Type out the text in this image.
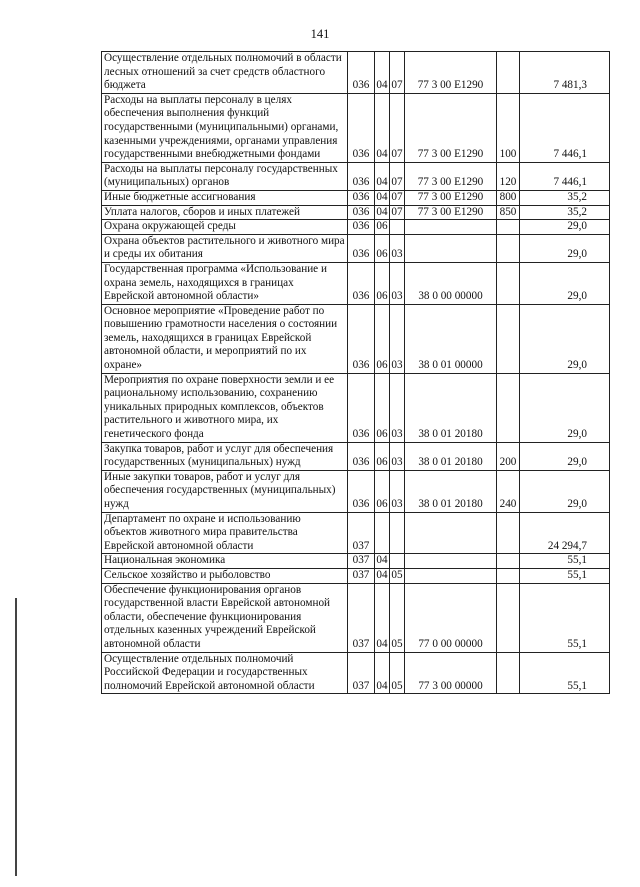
141
Осуществление отдельных полномочий в области лесных отношений за счет средств областного бюджета	036	04	07	77 3 00 E1290		7 481,3
Расходы на выплаты персоналу в целях обеспечения выполнения функций государственными (муниципальными) органами, казенными учреждениями, органами управления государственными внебюджетными фондами	036	04	07	77 3 00 E1290	100	7 446,1
Расходы на выплаты персоналу государственных (муниципальных) органов	036	04	07	77 3 00 E1290	120	7 446,1
Иные бюджетные ассигнования	036	04	07	77 3 00 E1290	800	35,2
Уплата налогов, сборов и иных платежей	036	04	07	77 3 00 E1290	850	35,2
Охрана окружающей среды	036	06				29,0
Охрана объектов растительного и животного мира и среды их обитания	036	06	03			29,0
Государственная программа «Использование и охрана земель, находящихся в границах Еврейской автономной области»	036	06	03	38 0 00 00000		29,0
Основное мероприятие «Проведение работ по повышению грамотности населения о состоянии земель, находящихся в границах Еврейской автономной области, и мероприятий по их охране»	036	06	03	38 0 01 00000		29,0
Мероприятия по охране поверхности земли и ее рациональному использованию, сохранению уникальных природных комплексов, объектов растительного и животного мира, их генетического фонда	036	06	03	38 0 01 20180		29,0
Закупка товаров, работ и услуг для обеспечения государственных (муниципальных) нужд	036	06	03	38 0 01 20180	200	29,0
Иные закупки товаров, работ и услуг для обеспечения государственных (муниципальных) нужд	036	06	03	38 0 01 20180	240	29,0
Департамент по охране и использованию объектов животного мира правительства Еврейской автономной области	037					24 294,7
Национальная экономика	037	04				55,1
Сельское хозяйство и рыболовство	037	04	05			55,1
Обеспечение функционирования органов государственной власти Еврейской автономной области, обеспечение функционирования отдельных казенных учреждений Еврейской автономной области	037	04	05	77 0 00 00000		55,1
Осуществление отдельных полномочий Российской Федерации и государственных полномочий Еврейской автономной области	037	04	05	77 3 00 00000		55,1
